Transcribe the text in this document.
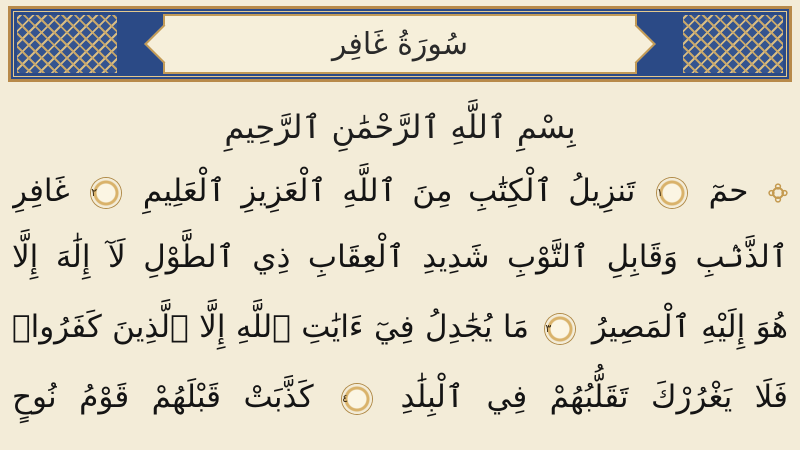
سُورَةُ غَافِر
بِسْمِ ٱللَّهِ ٱلرَّحْمَٰنِ ٱلرَّحِيمِ
حمٓ
١
تَنزِيلُ ٱلْكِتَٰبِ مِنَ ٱللَّهِ ٱلْعَزِيزِ ٱلْعَلِيمِ
٢
غَافِرِ
ٱلذَّنۢبِ وَقَابِلِ ٱلتَّوْبِ شَدِيدِ ٱلْعِقَابِ ذِي ٱلطَّوْلِ لَآ إِلَٰهَ إِلَّا
هُوَ إِلَيْهِ ٱلْمَصِيرُ
٣
مَا يُجَٰدِلُ فِيٓ ءَايَٰتِ ٱللَّهِ إِلَّا ٱلَّذِينَ كَفَرُوا۟
فَلَا يَغْرُرْكَ تَقَلُّبُهُمْ فِي ٱلْبِلَٰدِ
٤
كَذَّبَتْ قَبْلَهُمْ قَوْمُ نُوحٍ
